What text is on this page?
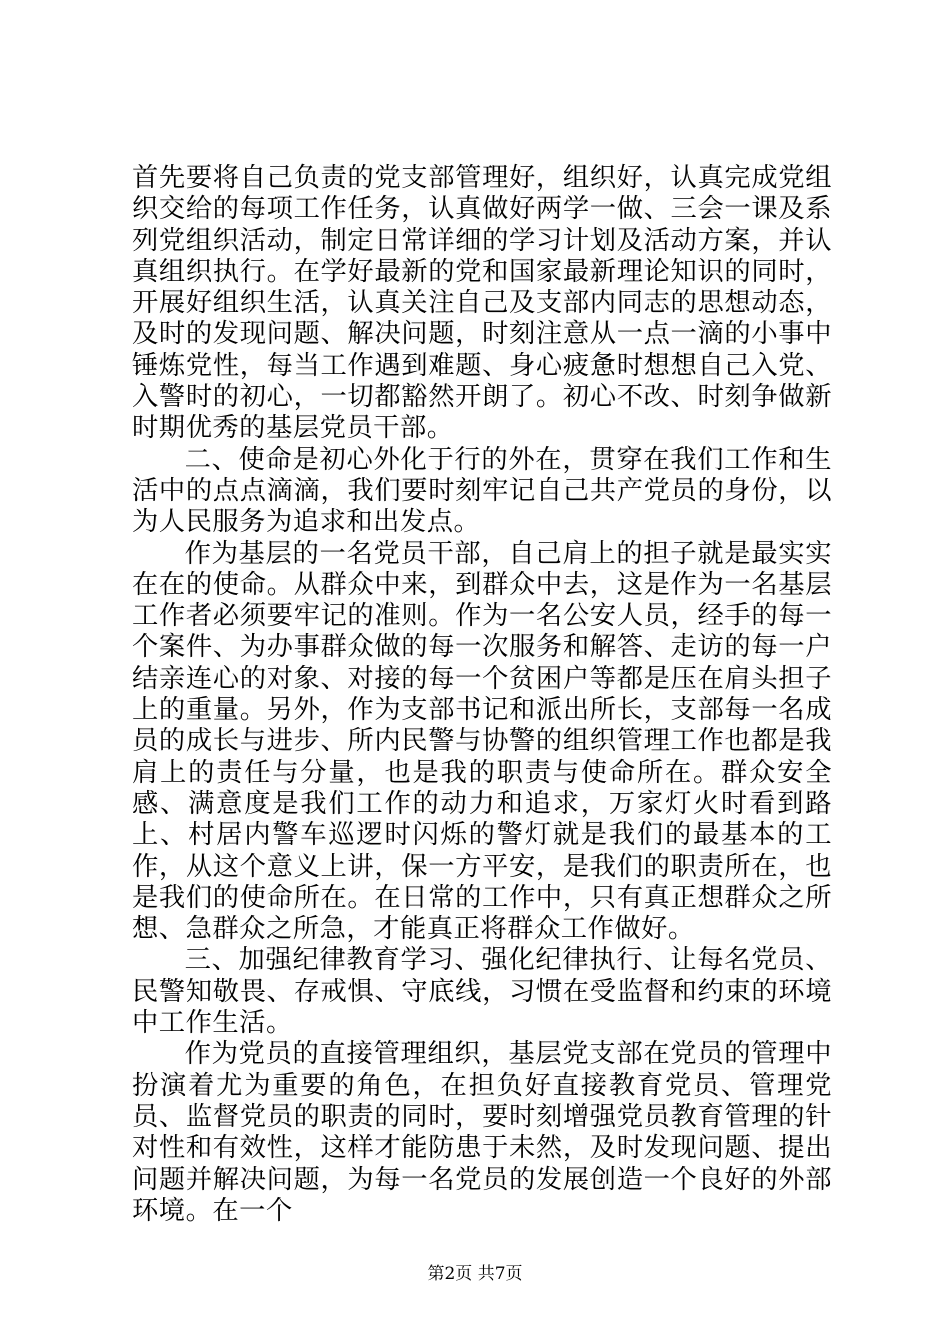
首先要将自己负责的党支部管理好，组织好，认真完成党组织交给的每项工作任务，认真做好两学一做、三会一课及系列党组织活动，制定日常详细的学习计划及活动方案，并认真组织执行。在学好最新的党和国家最新理论知识的同时，开展好组织生活，认真关注自己及支部内同志的思想动态，及时的发现问题、解决问题，时刻注意从一点一滴的小事中锤炼党性，每当工作遇到难题、身心疲惫时想想自己入党、入警时的初心，一切都豁然开朗了。初心不改、时刻争做新时期优秀的基层党员干部。

二、使命是初心外化于行的外在，贯穿在我们工作和生活中的点点滴滴，我们要时刻牢记自己共产党员的身份，以为人民服务为追求和出发点。

作为基层的一名党员干部，自己肩上的担子就是最实实在在的使命。从群众中来，到群众中去，这是作为一名基层工作者必须要牢记的准则。作为一名公安人员，经手的每一个案件、为办事群众做的每一次服务和解答、走访的每一户结亲连心的对象、对接的每一个贫困户等都是压在肩头担子上的重量。另外，作为支部书记和派出所长，支部每一名成员的成长与进步、所内民警与协警的组织管理工作也都是我肩上的责任与分量，也是我的职责与使命所在。群众安全感、满意度是我们工作的动力和追求，万家灯火时看到路上、村居内警车巡逻时闪烁的警灯就是我们的最基本的工作，从这个意义上讲，保一方平安，是我们的职责所在，也是我们的使命所在。在日常的工作中，只有真正想群众之所想、急群众之所急，才能真正将群众工作做好。

三、加强纪律教育学习、强化纪律执行、让每名党员、民警知敬畏、存戒惧、守底线，习惯在受监督和约束的环境中工作生活。

作为党员的直接管理组织，基层党支部在党员的管理中扮演着尤为重要的角色，在担负好直接教育党员、管理党员、监督党员的职责的同时，要时刻增强党员教育管理的针对性和有效性，这样才能防患于未然，及时发现问题、提出问题并解决问题，为每一名党员的发展创造一个良好的外部环境。在一个

第2页 共7页
